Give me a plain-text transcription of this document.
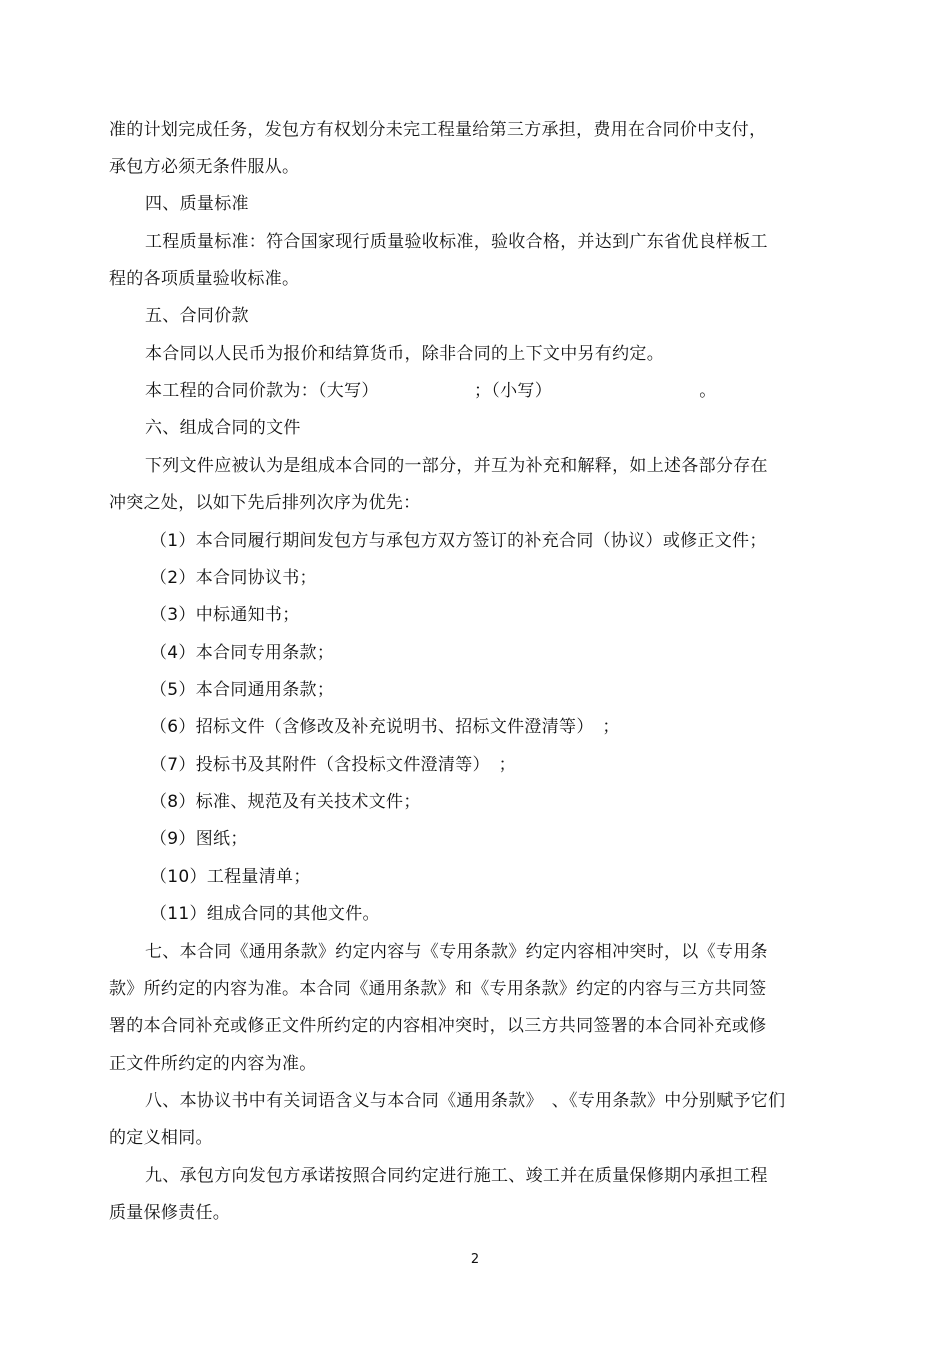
准的计划完成任务，发包方有权划分未完工程量给第三方承担，费用在合同价中支付，
承包方必须无条件服从。
四、质量标准
工程质量标准：符合国家现行质量验收标准，验收合格，并达到广东省优良样板工
程的各项质量验收标准。
五、合同价款
本合同以人民币为报价和结算货币，除非合同的上下文中另有约定。
本工程的合同价款为：（大写）　　　　　　；（小写）　　　　　　　　　。
六、组成合同的文件
下列文件应被认为是组成本合同的一部分，并互为补充和解释，如上述各部分存在
冲突之处，以如下先后排列次序为优先：
（1）本合同履行期间发包方与承包方双方签订的补充合同（协议）或修正文件；
（2）本合同协议书；
（3）中标通知书；
（4）本合同专用条款；
（5）本合同通用条款；
（6）招标文件（含修改及补充说明书、招标文件澄清等）　；
（7）投标书及其附件（含投标文件澄清等）　；
（8）标准、规范及有关技术文件；
（9）图纸；
（10）工程量清单；
（11）组成合同的其他文件。
七、本合同《通用条款》约定内容与《专用条款》约定内容相冲突时，以《专用条
款》所约定的内容为准。本合同《通用条款》和《专用条款》约定的内容与三方共同签
署的本合同补充或修正文件所约定的内容相冲突时，以三方共同签署的本合同补充或修
正文件所约定的内容为准。
八、本协议书中有关词语含义与本合同《通用条款》　、《专用条款》中分别赋予它们
的定义相同。
九、承包方向发包方承诺按照合同约定进行施工、竣工并在质量保修期内承担工程
质量保修责任。
2
